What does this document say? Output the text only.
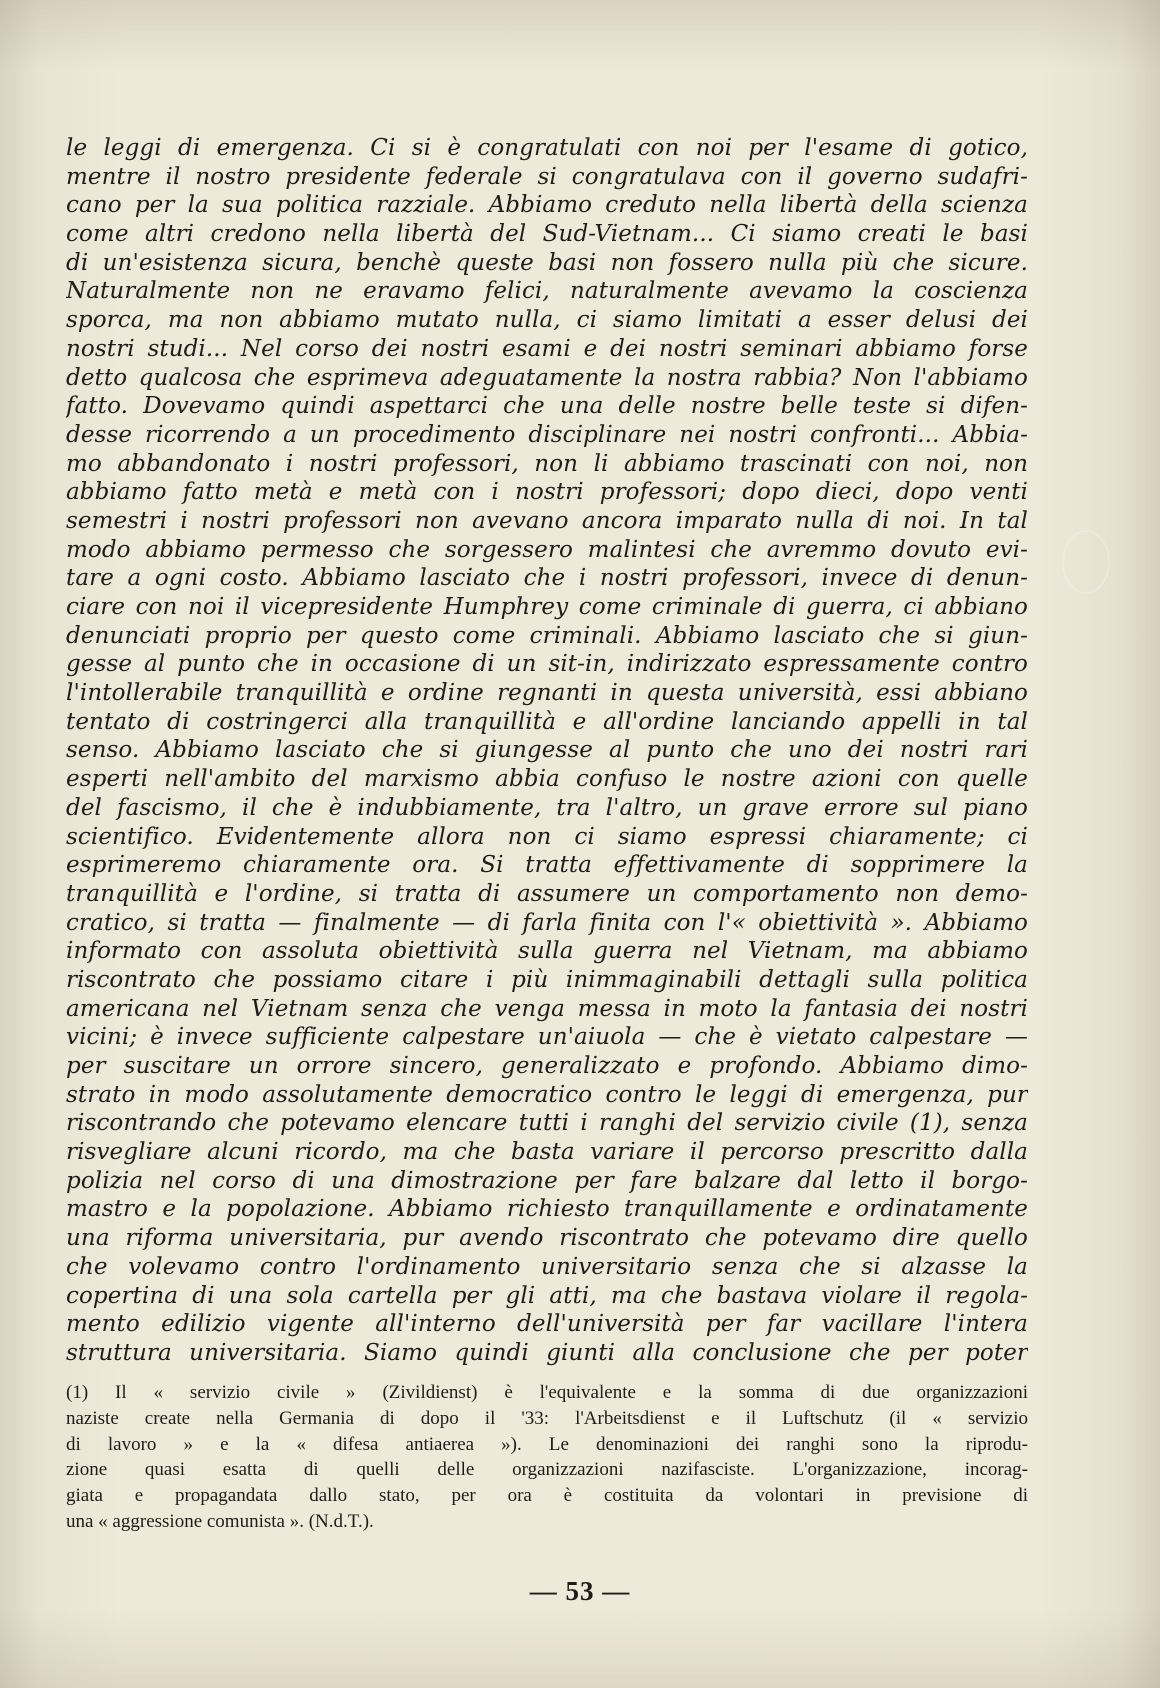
le leggi di emergenza. Ci si è congratulati con noi per l'esame di gotico,
mentre il nostro presidente federale si congratulava con il governo sudafri-
cano per la sua politica razziale. Abbiamo creduto nella libertà della scienza
come altri credono nella libertà del Sud-Vietnam... Ci siamo creati le basi
di un'esistenza sicura, benchè queste basi non fossero nulla più che sicure.
Naturalmente non ne eravamo felici, naturalmente avevamo la coscienza
sporca, ma non abbiamo mutato nulla, ci siamo limitati a esser delusi dei
nostri studi... Nel corso dei nostri esami e dei nostri seminari abbiamo forse
detto qualcosa che esprimeva adeguatamente la nostra rabbia? Non l'abbiamo
fatto. Dovevamo quindi aspettarci che una delle nostre belle teste si difen-
desse ricorrendo a un procedimento disciplinare nei nostri confronti... Abbia-
mo abbandonato i nostri professori, non li abbiamo trascinati con noi, non
abbiamo fatto metà e metà con i nostri professori; dopo dieci, dopo venti
semestri i nostri professori non avevano ancora imparato nulla di noi. In tal
modo abbiamo permesso che sorgessero malintesi che avremmo dovuto evi-
tare a ogni costo. Abbiamo lasciato che i nostri professori, invece di denun-
ciare con noi il vicepresidente Humphrey come criminale di guerra, ci abbiano
denunciati proprio per questo come criminali. Abbiamo lasciato che si giun-
gesse al punto che in occasione di un sit-in, indirizzato espressamente contro
l'intollerabile tranquillità e ordine regnanti in questa università, essi abbiano
tentato di costringerci alla tranquillità e all'ordine lanciando appelli in tal
senso. Abbiamo lasciato che si giungesse al punto che uno dei nostri rari
esperti nell'ambito del marxismo abbia confuso le nostre azioni con quelle
del fascismo, il che è indubbiamente, tra l'altro, un grave errore sul piano
scientifico. Evidentemente allora non ci siamo espressi chiaramente; ci
esprimeremo chiaramente ora. Si tratta effettivamente di sopprimere la
tranquillità e l'ordine, si tratta di assumere un comportamento non demo-
cratico, si tratta — finalmente — di farla finita con l'« obiettività ». Abbiamo
informato con assoluta obiettività sulla guerra nel Vietnam, ma abbiamo
riscontrato che possiamo citare i più inimmaginabili dettagli sulla politica
americana nel Vietnam senza che venga messa in moto la fantasia dei nostri
vicini; è invece sufficiente calpestare un'aiuola — che è vietato calpestare —
per suscitare un orrore sincero, generalizzato e profondo. Abbiamo dimo-
strato in modo assolutamente democratico contro le leggi di emergenza, pur
riscontrando che potevamo elencare tutti i ranghi del servizio civile (1), senza
risvegliare alcuni ricordo, ma che basta variare il percorso prescritto dalla
polizia nel corso di una dimostrazione per fare balzare dal letto il borgo-
mastro e la popolazione. Abbiamo richiesto tranquillamente e ordinatamente
una riforma universitaria, pur avendo riscontrato che potevamo dire quello
che volevamo contro l'ordinamento universitario senza che si alzasse la
copertina di una sola cartella per gli atti, ma che bastava violare il regola-
mento edilizio vigente all'interno dell'università per far vacillare l'intera
struttura universitaria. Siamo quindi giunti alla conclusione che per poter
(1) Il « servizio civile » (Zivildienst) è l'equivalente e la somma di due organizzazioni
naziste create nella Germania di dopo il '33: l'Arbeitsdienst e il Luftschutz (il « servizio
di lavoro » e la « difesa antiaerea »). Le denominazioni dei ranghi sono la riprodu-
zione quasi esatta di quelli delle organizzazioni nazifasciste. L'organizzazione, incorag-
giata e propagandata dallo stato, per ora è costituita da volontari in previsione di
una « aggressione comunista ». (N.d.T.).
— 53 —
